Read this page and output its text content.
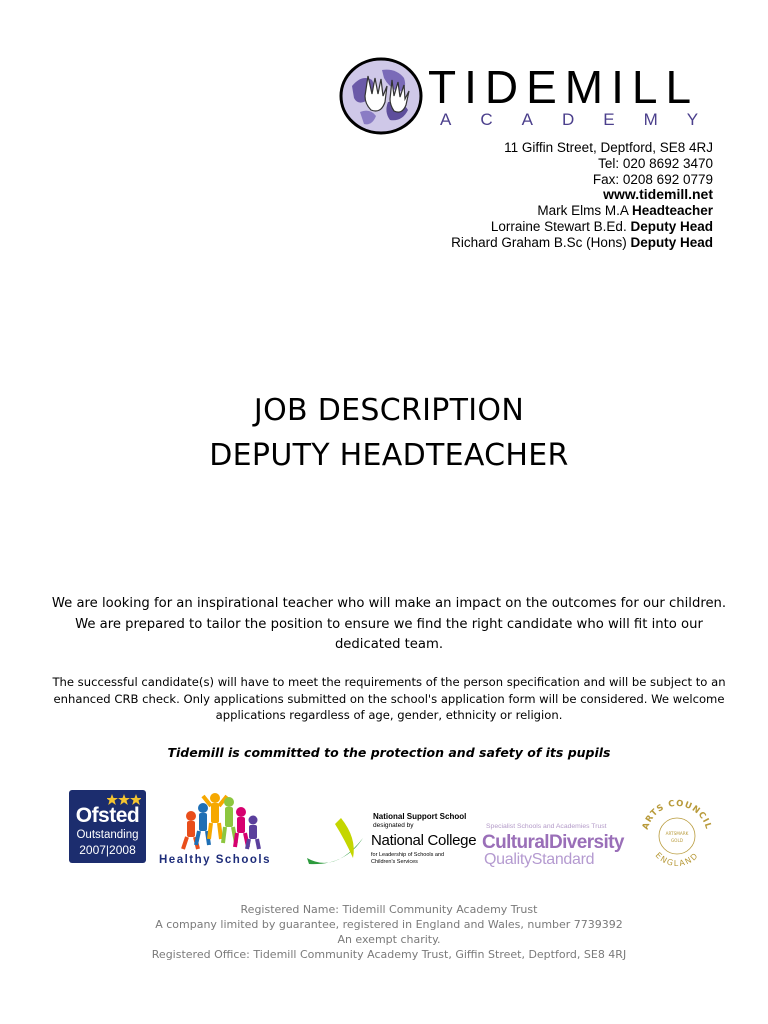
TIDEMILL
ACADEMY
11 Giffin Street, Deptford, SE8 4RJ
Tel: 020 8692 3470
Fax: 0208 692 0779
www.tidemill.net
Mark Elms M.A Headteacher
Lorraine Stewart B.Ed. Deputy Head
Richard Graham B.Sc (Hons) Deputy Head
JOB DESCRIPTION
DEPUTY HEADTEACHER
We are looking for an inspirational teacher who will make an impact on the outcomes for our children. We are prepared to tailor the position to ensure we find the right candidate who will fit into our dedicated team.
The successful candidate(s) will have to meet the requirements of the person specification and will be subject to an enhanced CRB check. Only applications submitted on the school's application form will be considered. We welcome applications regardless of age, gender, ethnicity or religion.
Tidemill is committed to the protection and safety of its pupils
Ofsted
Outstanding
2007|2008
Healthy Schools
National Support School
designated by
National College
for Leadership of Schools and Children's Services
Specialist Schools and Academies Trust
CulturalDiversity
QualityStandard
ARTS COUNCIL
ARTSMARK
GOLD
ENGLAND
Registered Name: Tidemill Community Academy Trust
A company limited by guarantee, registered in England and Wales, number 7739392
An exempt charity.
Registered Office: Tidemill Community Academy Trust, Giffin Street, Deptford, SE8 4RJ
